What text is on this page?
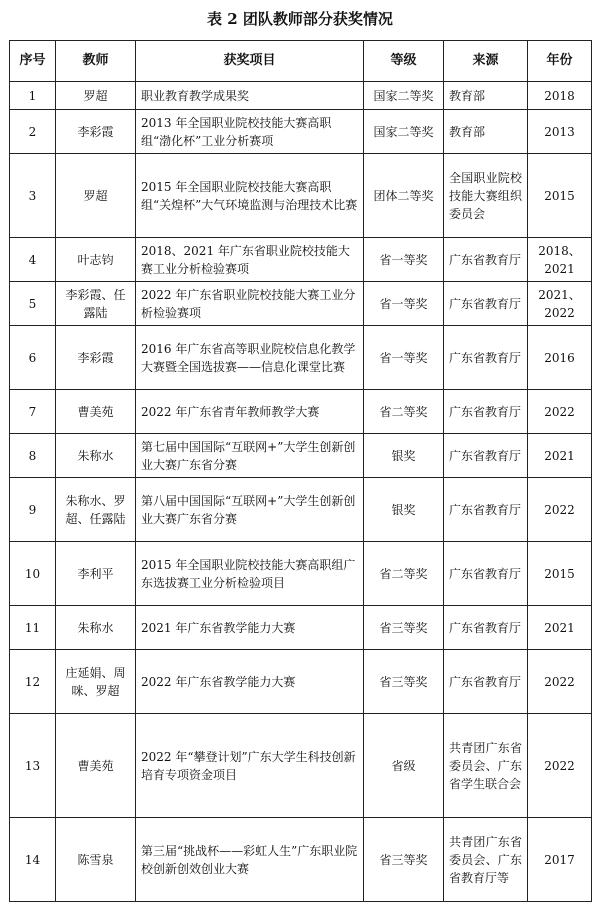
表 2 团队教师部分获奖情况
序号	教师	获奖项目	等级	来源	年份
1	罗超	职业教育教学成果奖	国家二等奖	教育部	2018
2	李彩霞	2013 年全国职业院校技能大赛高职组“渤化杯”工业分析赛项	国家二等奖	教育部	2013
3	罗超	2015 年全国职业院校技能大赛高职组“关煌杯”大气环境监测与治理技术比赛	团体二等奖	全国职业院校技能大赛组织委员会	2015
4	叶志钧	2018、2021 年广东省职业院校技能大赛工业分析检验赛项	省一等奖	广东省教育厅	2018、2021
5	李彩霞、任露陆	2022 年广东省职业院校技能大赛工业分析检验赛项	省一等奖	广东省教育厅	2021、2022
6	李彩霞	2016 年广东省高等职业院校信息化教学大赛暨全国选拔赛——信息化课堂比赛	省一等奖	广东省教育厅	2016
7	曹美苑	2022 年广东省青年教师教学大赛	省二等奖	广东省教育厅	2022
8	朱称水	第七届中国国际“互联网+”大学生创新创业大赛广东省分赛	银奖	广东省教育厅	2021
9	朱称水、罗超、任露陆	第八届中国国际“互联网+”大学生创新创业大赛广东省分赛	银奖	广东省教育厅	2022
10	李利平	2015 年全国职业院校技能大赛高职组广东选拔赛工业分析检验项目	省二等奖	广东省教育厅	2015
11	朱称水	2021 年广东省教学能力大赛	省三等奖	广东省教育厅	2021
12	庄延娟、周咪、罗超	2022 年广东省教学能力大赛	省三等奖	广东省教育厅	2022
13	曹美苑	2022 年“攀登计划”广东大学生科技创新培育专项资金项目	省级	共青团广东省委员会、广东省学生联合会	2022
14	陈雪泉	第三届“挑战杯——彩虹人生”广东职业院校创新创效创业大赛	省三等奖	共青团广东省委员会、广东省教育厅等	2017
